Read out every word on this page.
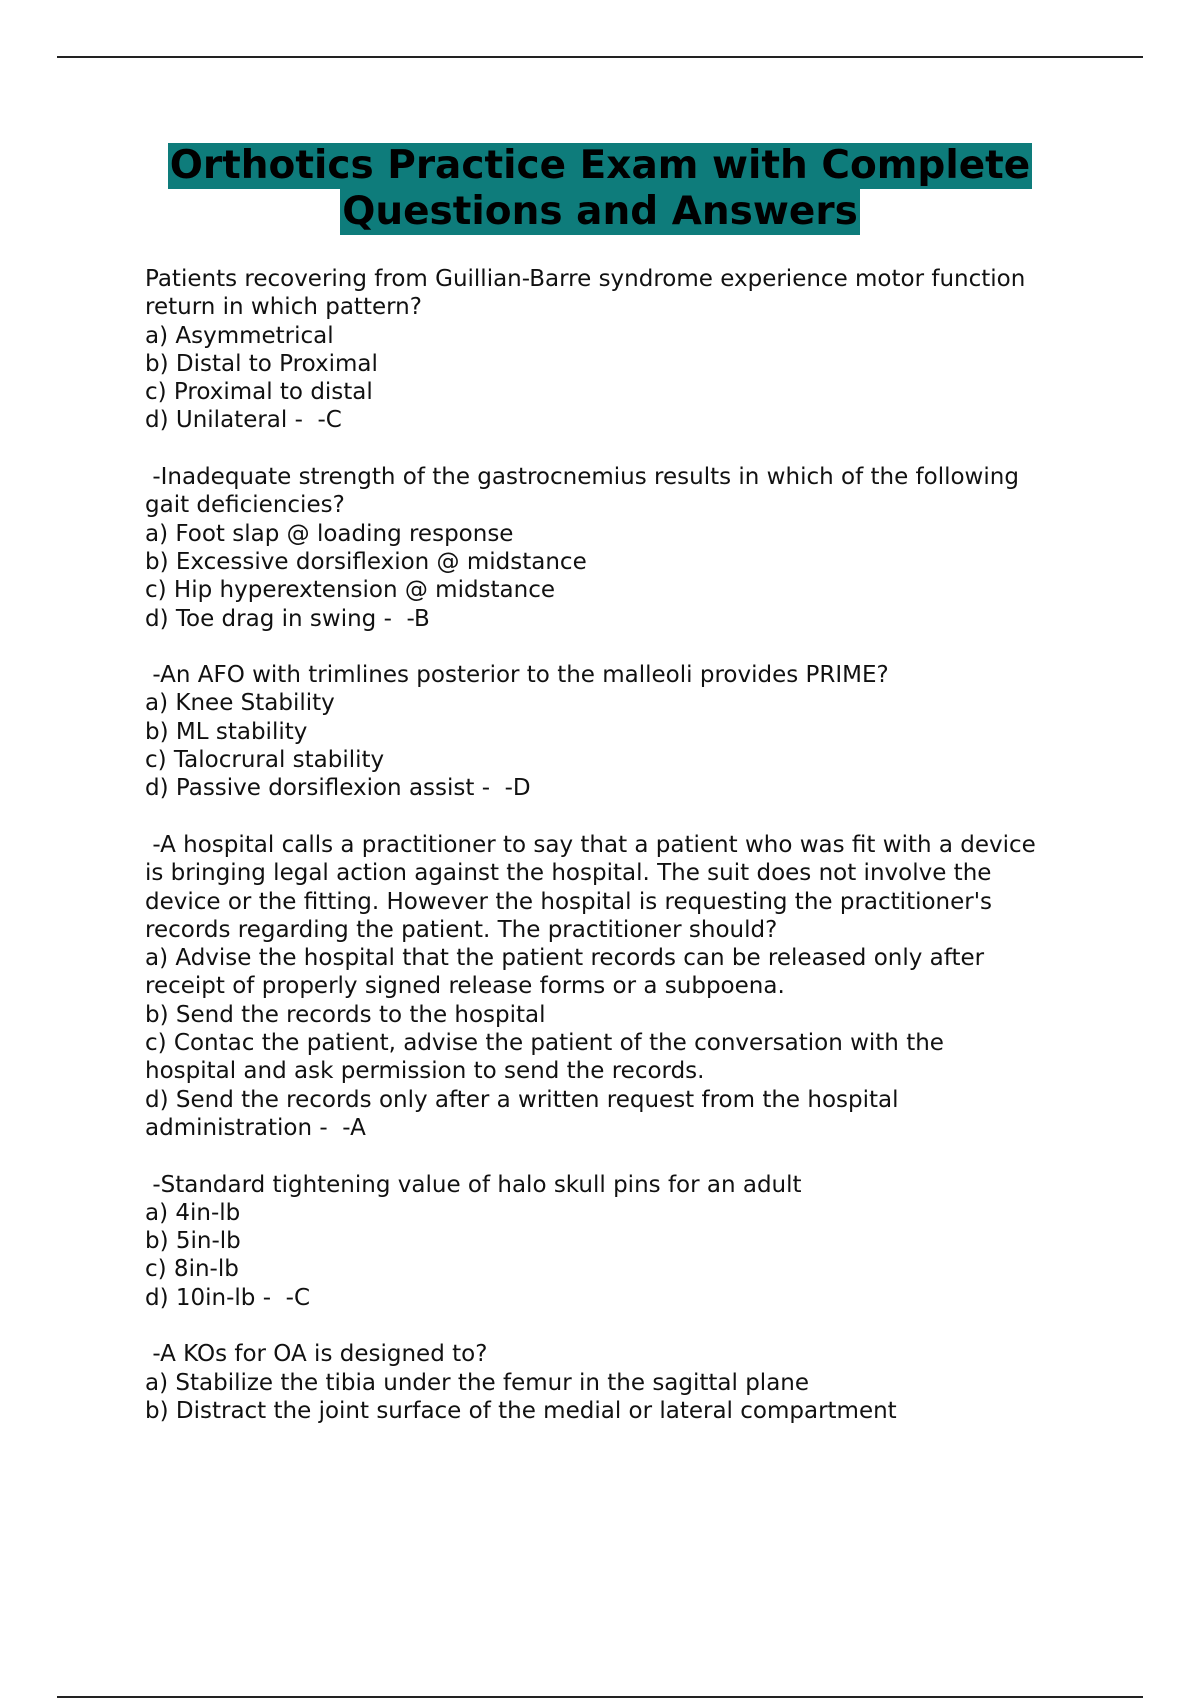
Orthotics Practice Exam with Complete
Questions and Answers
Patients recovering from Guillian-Barre syndrome experience motor function
return in which pattern?
a) Asymmetrical
b) Distal to Proximal
c) Proximal to distal
d) Unilateral -  -C
-Inadequate strength of the gastrocnemius results in which of the following
gait deficiencies?
a) Foot slap @ loading response
b) Excessive dorsiflexion @ midstance
c) Hip hyperextension @ midstance
d) Toe drag in swing -  -B
-An AFO with trimlines posterior to the malleoli provides PRIME?
a) Knee Stability
b) ML stability
c) Talocrural stability
d) Passive dorsiflexion assist -  -D
-A hospital calls a practitioner to say that a patient who was fit with a device
is bringing legal action against the hospital. The suit does not involve the
device or the fitting. However the hospital is requesting the practitioner's
records regarding the patient. The practitioner should?
a) Advise the hospital that the patient records can be released only after
receipt of properly signed release forms or a subpoena.
b) Send the records to the hospital
c) Contac the patient, advise the patient of the conversation with the
hospital and ask permission to send the records.
d) Send the records only after a written request from the hospital
administration -  -A
-Standard tightening value of halo skull pins for an adult
a) 4in-lb
b) 5in-lb
c) 8in-lb
d) 10in-lb -  -C
-A KOs for OA is designed to?
a) Stabilize the tibia under the femur in the sagittal plane
b) Distract the joint surface of the medial or lateral compartment
